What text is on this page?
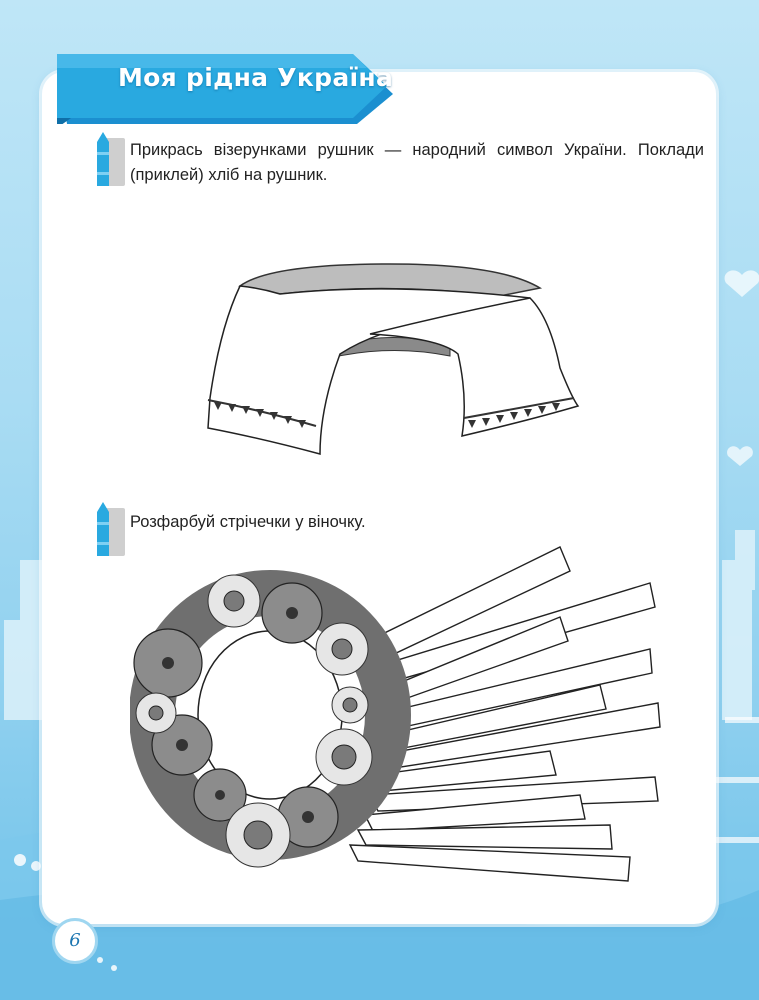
Моя рідна Україна
Прикрась візерунками рушник — народний символ України. Поклади (приклей) хліб на рушник.
Розфарбуй стрічечки у віночку.
6
